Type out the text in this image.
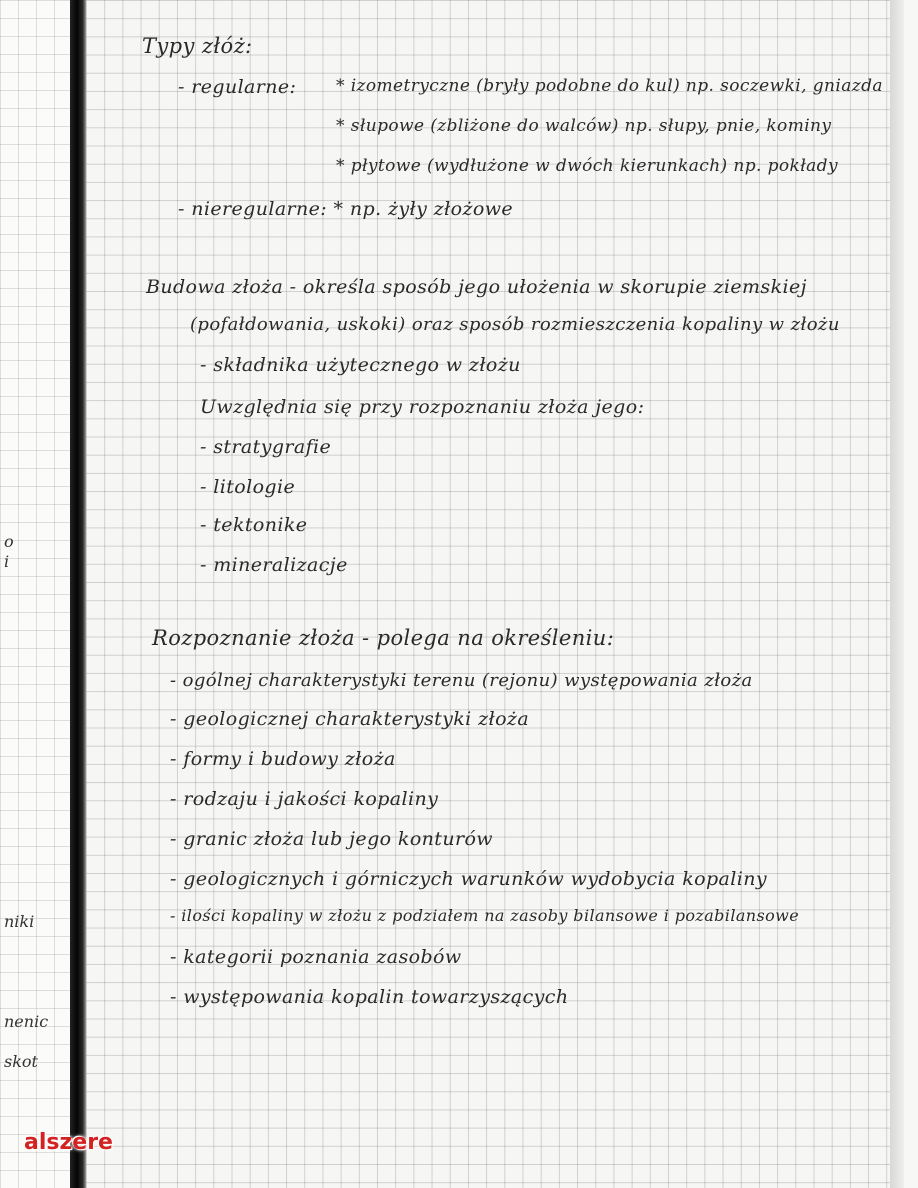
o
i
niki
nenic
skot
Typy złóż:
- regularne: * izometryczne (bryły podobne do kul) np. soczewki, gniazda
* słupowe (zbliżone do walców) np. słupy, pnie, kominy
* płytowe (wydłużone w dwóch kierunkach) np. pokłady
- nieregularne: * np. żyły złożowe
Budowa złoża - określa sposób jego ułożenia w skorupie ziemskiej
(pofałdowania, uskoki) oraz sposób rozmieszczenia kopaliny w złożu
- składnika użytecznego w złożu
Uwzględnia się przy rozpoznaniu złoża jego:
- stratygrafie
- litologie
- tektonike
- mineralizacje
Rozpoznanie złoża - polega na określeniu:
- ogólnej charakterystyki terenu (rejonu) występowania złoża
- geologicznej charakterystyki złoża
- formy i budowy złoża
- rodzaju i jakości kopaliny
- granic złoża lub jego konturów
- geologicznych i górniczych warunków wydobycia kopaliny
- ilości kopaliny w złożu z podziałem na zasoby bilansowe i pozabilansowe
- kategorii poznania zasobów
- występowania kopalin towarzyszących
alszere
